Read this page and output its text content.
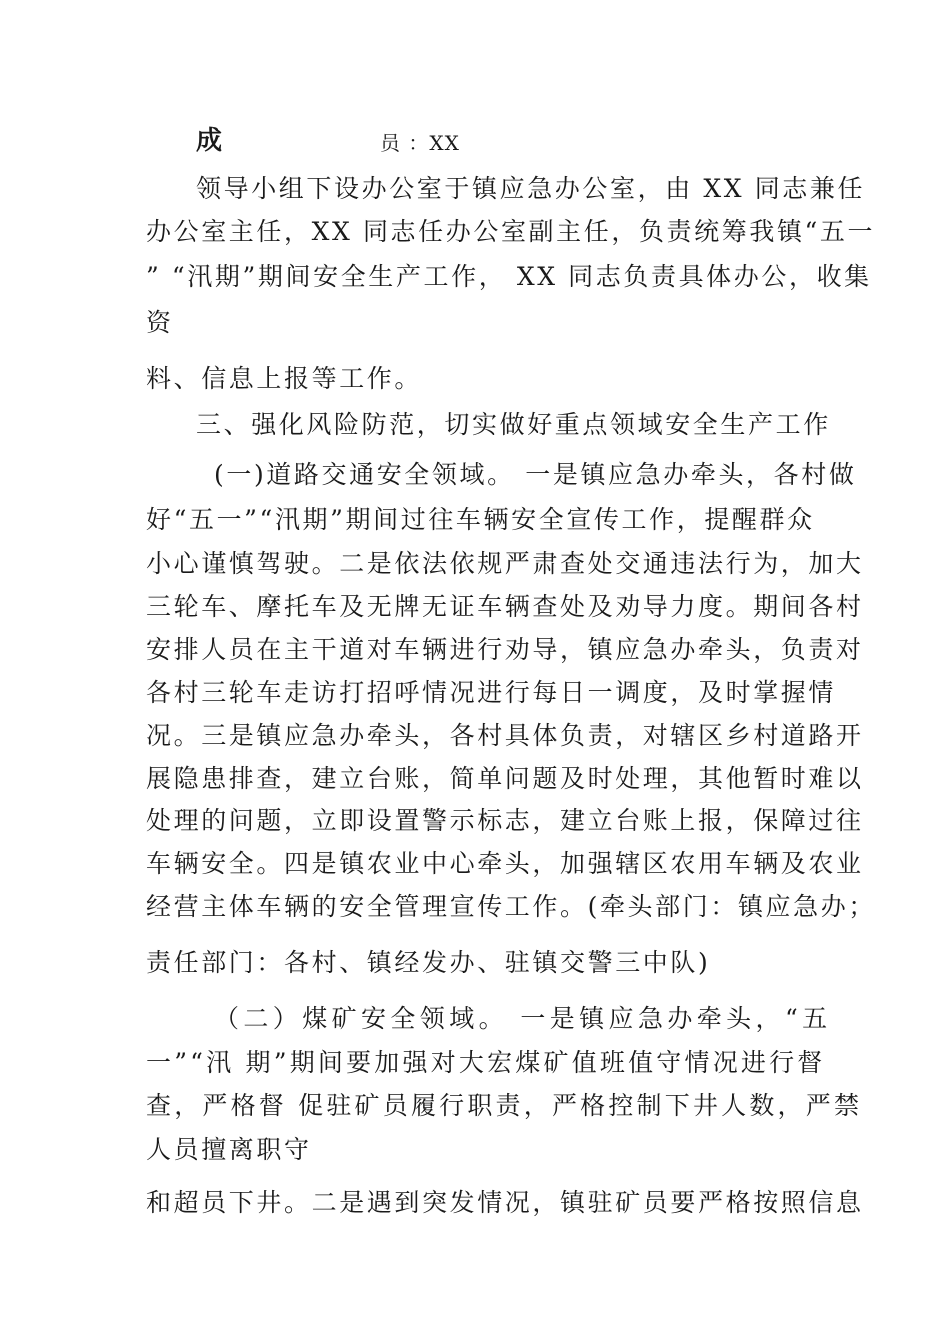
成	员 ：XX
领导小组下设办公室于镇应急办公室，由 XX 同志兼任
办公室主任，XX 同志任办公室副主任，负责统筹我镇“五一
” “汛期”期间安全生产工作， XX 同志负责具体办公，收集
资
料、信息上报等工作。
三、强化风险防范，切实做好重点领域安全生产工作
(一)道路交通安全领域。 一是镇应急办牵头，各村做
好“五一”“汛期”期间过往车辆安全宣传工作，提醒群众
小心谨慎驾驶。二是依法依规严肃查处交通违法行为，加大
三轮车、摩托车及无牌无证车辆查处及劝导力度。期间各村
安排人员在主干道对车辆进行劝导，镇应急办牵头，负责对
各村三轮车走访打招呼情况进行每日一调度，及时掌握情
况。三是镇应急办牵头，各村具体负责，对辖区乡村道路开
展隐患排查，建立台账，简单问题及时处理，其他暂时难以
处理的问题，立即设置警示标志，建立台账上报，保障过往
车辆安全。四是镇农业中心牵头，加强辖区农用车辆及农业
经营主体车辆的安全管理宣传工作。(牵头部门：镇应急办；
责任部门：各村、镇经发办、驻镇交警三中队)
（二）煤矿安全领域。 一是镇应急办牵头，“五
一”“汛 期”期间要加强对大宏煤矿值班值守情况进行督
查，严格督 促驻矿员履行职责，严格控制下井人数，严禁
人员擅离职守
和超员下井。二是遇到突发情况，镇驻矿员要严格按照信息
